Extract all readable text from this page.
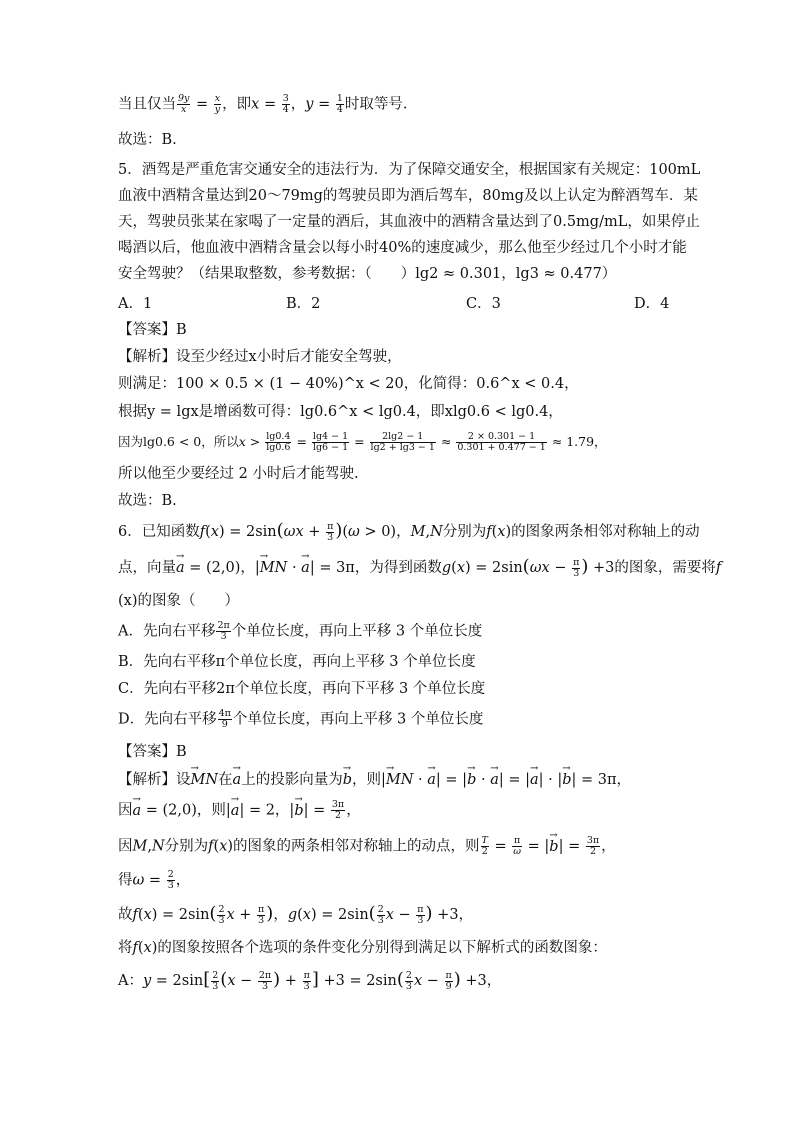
当且仅当 $\frac{9y}{x} = \frac{x}{y}$ ，即$x = \frac{3}{4}$ ，$y = \frac{1}{4}$ 时取等号.
故选：B.
5．酒驾是严重危害交通安全的违法行为．为了保障交通安全，根据国家有关规定：100mL
血液中酒精含量达到20～79mg的驾驶员即为酒后驾车，80mg及以上认定为醉酒驾车．某
天，驾驶员张某在家喝了一定量的酒后，其血液中的酒精含量达到了0.5mg/mL，如果停止
喝酒以后，他血液中酒精含量会以每小时40%的速度减少，那么他至少经过几个小时才能
安全驾驶？（结果取整数，参考数据：（　　）lg2 ≈ 0.301，lg3 ≈ 0.477）
A．1	B．2	C．3	D．4
【答案】B
【解析】设至少经过x小时后才能安全驾驶，
则满足：100 × 0.5 × (1 − 40%)^x < 20，化简得：0.6^x < 0.4，
根据y = lgx是增函数可得：lg0.6^x < lg0.4，即xlg0.6 < lg0.4，
因为lg0.6 < 0，所以$x > \frac{\lg 0.4}{\lg 0.6} = \frac{\lg 4 - 1}{\lg 6 - 1} = \frac{2\lg 2 - 1}{\lg 2 + \lg 3 - 1} \approx \frac{2 \times 0.301 - 1}{0.301 + 0.477 - 1} \approx 1.79$，
所以他至少要经过 2 小时后才能驾驶.
故选：B.
6．已知函数$f(x) = 2\sin(\omega x + \frac{\pi}{3} )(\omega > 0)$，M,N分别为f(x)的图象两条相邻对称轴上的动
点，向量→ a = (2,0)，|→ MN · → a| = 3π，为得到函数$g(x) = 2\sin(\omega x - \frac{\pi}{3}$ ) +3的图象，需要将f
(x)的图象（　　）
A．先向右平移 $\frac{2\pi}{3}$ 个单位长度，再向上平移 3 个单位长度
B．先向右平移π个单位长度，再向上平移 3 个单位长度
C．先向右平移2π个单位长度，再向下平移 3 个单位长度
D．先向右平移 $\frac{4\pi}{9}$ 个单位长度，再向上平移 3 个单位长度
【答案】B
【解析】设→ MN在→ a上的投影向量为→ b，则|→ MN · → a| = |→ b · → a| = |→ a| · |→ b| = 3π，
因→ a = (2,0)，则|→ a| = 2，|→ $b| = \frac{3\pi}{2}$ ，
因M,N分别为f(x)的图象的两条相邻对称轴上的动点，则 $\frac{T}{2} = \frac{\pi}{\omega}$ = |→ $b| = \frac{3\pi}{2}$ ，
得$\omega = \frac{2}{3}$ ，
故$f(x) = 2\sin( \frac{2}{3}$ $x + \frac{\pi}{3}$ )，$g(x) = 2\sin( \frac{2}{3}$ $x - \frac{\pi}{3}$ ) +3，
将f(x)的图象按照各个选项的条件变化分别得到满足以下解析式的函数图象：
A：$y = 2\sin[ \frac{2}{3} (x - \frac{2\pi}{3}$ ) + $\frac{\pi}{3}$ ] $+3 = 2\sin( \frac{2}{3}$ $x - \frac{\pi}{9}$ ) +3，
